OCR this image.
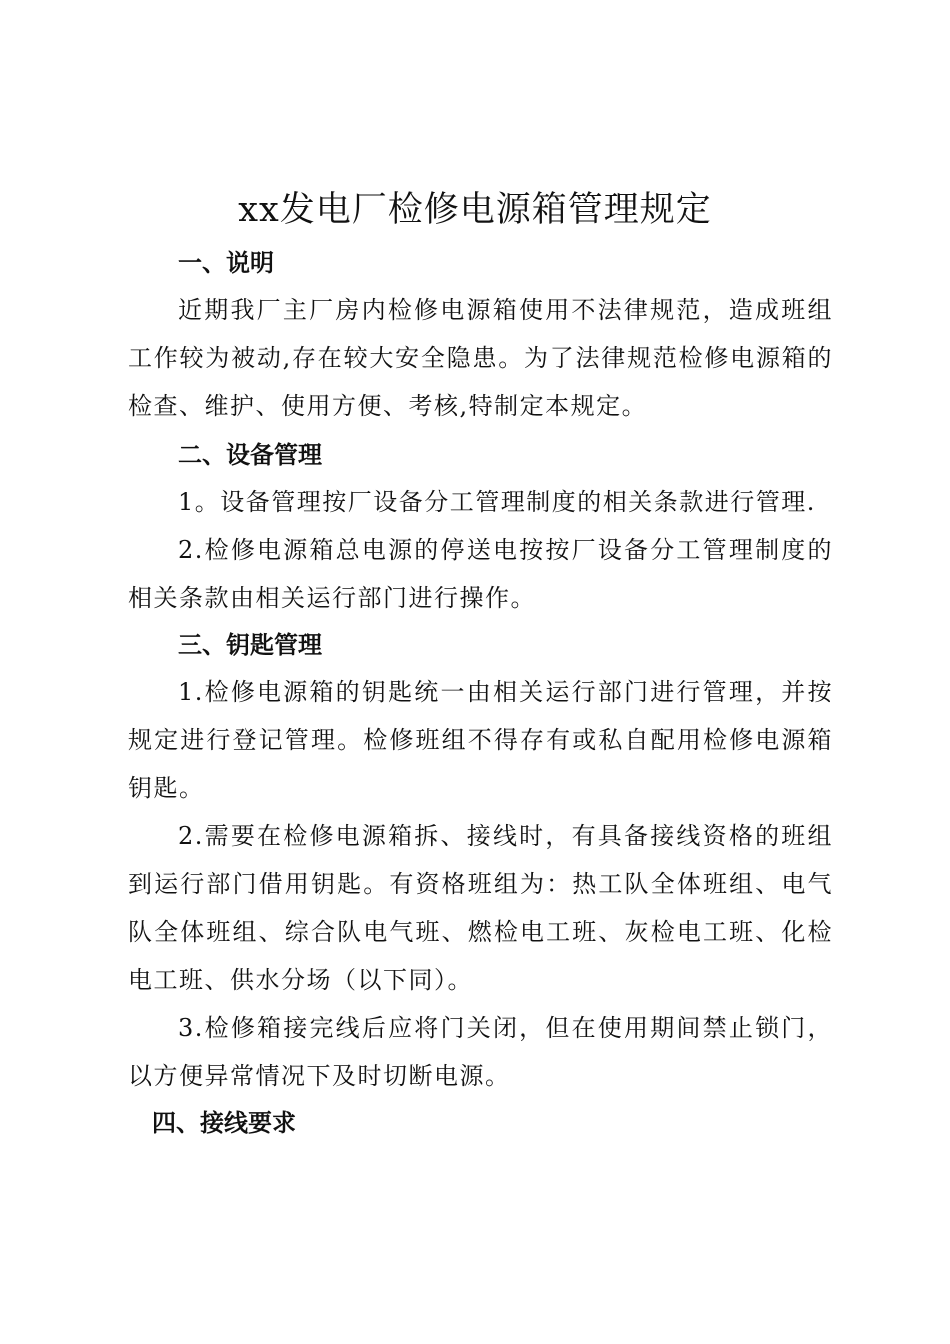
xx发电厂检修电源箱管理规定
一、说明
近期我厂主厂房内检修电源箱使用不法律规范，造成班组工作较为被动,存在较大安全隐患。为了法律规范检修电源箱的检查、维护、使用方便、考核,特制定本规定。
二、设备管理
1。设备管理按厂设备分工管理制度的相关条款进行管理.
2.检修电源箱总电源的停送电按按厂设备分工管理制度的相关条款由相关运行部门进行操作。
三、钥匙管理
1.检修电源箱的钥匙统一由相关运行部门进行管理，并按规定进行登记管理。检修班组不得存有或私自配用检修电源箱钥匙。
2.需要在检修电源箱拆、接线时，有具备接线资格的班组到运行部门借用钥匙。有资格班组为：热工队全体班组、电气队全体班组、综合队电气班、燃检电工班、灰检电工班、化检电工班、供水分场（以下同）。
3.检修箱接完线后应将门关闭，但在使用期间禁止锁门，以方便异常情况下及时切断电源。
四、接线要求
